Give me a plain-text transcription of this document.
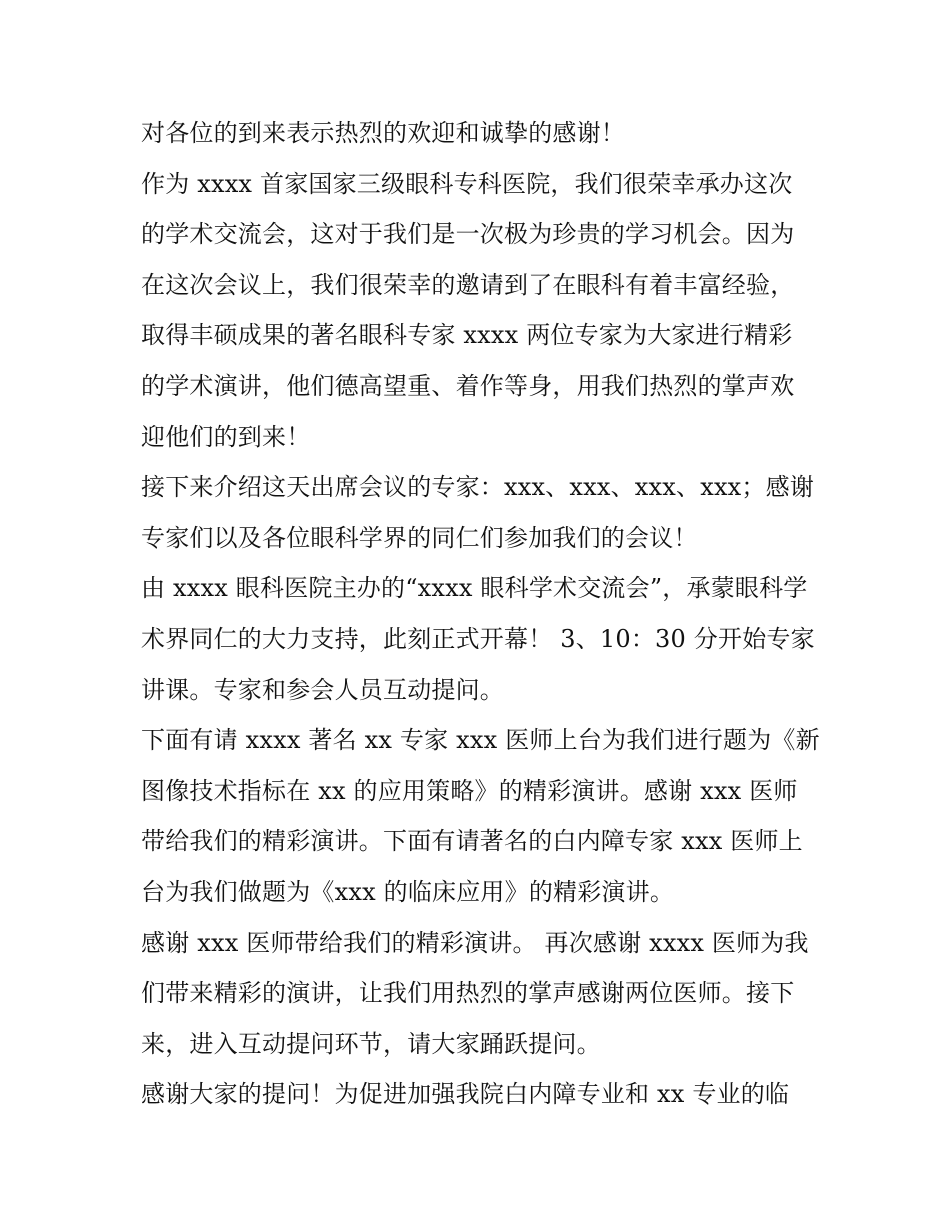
对各位的到来表示热烈的欢迎和诚挚的感谢！
作为 xxxx 首家国家三级眼科专科医院，我们很荣幸承办这次
的学术交流会，这对于我们是一次极为珍贵的学习机会。因为
在这次会议上，我们很荣幸的邀请到了在眼科有着丰富经验，
取得丰硕成果的著名眼科专家 xxxx 两位专家为大家进行精彩
的学术演讲，他们德高望重、着作等身，用我们热烈的掌声欢
迎他们的到来！
接下来介绍这天出席会议的专家：xxx、xxx、xxx、xxx；感谢
专家们以及各位眼科学界的同仁们参加我们的会议！
由 xxxx 眼科医院主办的“xxxx 眼科学术交流会”，承蒙眼科学
术界同仁的大力支持，此刻正式开幕！ 3、10：30 分开始专家
讲课。专家和参会人员互动提问。
下面有请 xxxx 著名 xx 专家 xxx 医师上台为我们进行题为《新
图像技术指标在 xx 的应用策略》的精彩演讲。感谢 xxx 医师
带给我们的精彩演讲。下面有请著名的白内障专家 xxx 医师上
台为我们做题为《xxx 的临床应用》的精彩演讲。
感谢 xxx 医师带给我们的精彩演讲。 再次感谢 xxxx 医师为我
们带来精彩的演讲，让我们用热烈的掌声感谢两位医师。接下
来，进入互动提问环节，请大家踊跃提问。
感谢大家的提问！为促进加强我院白内障专业和 xx 专业的临
